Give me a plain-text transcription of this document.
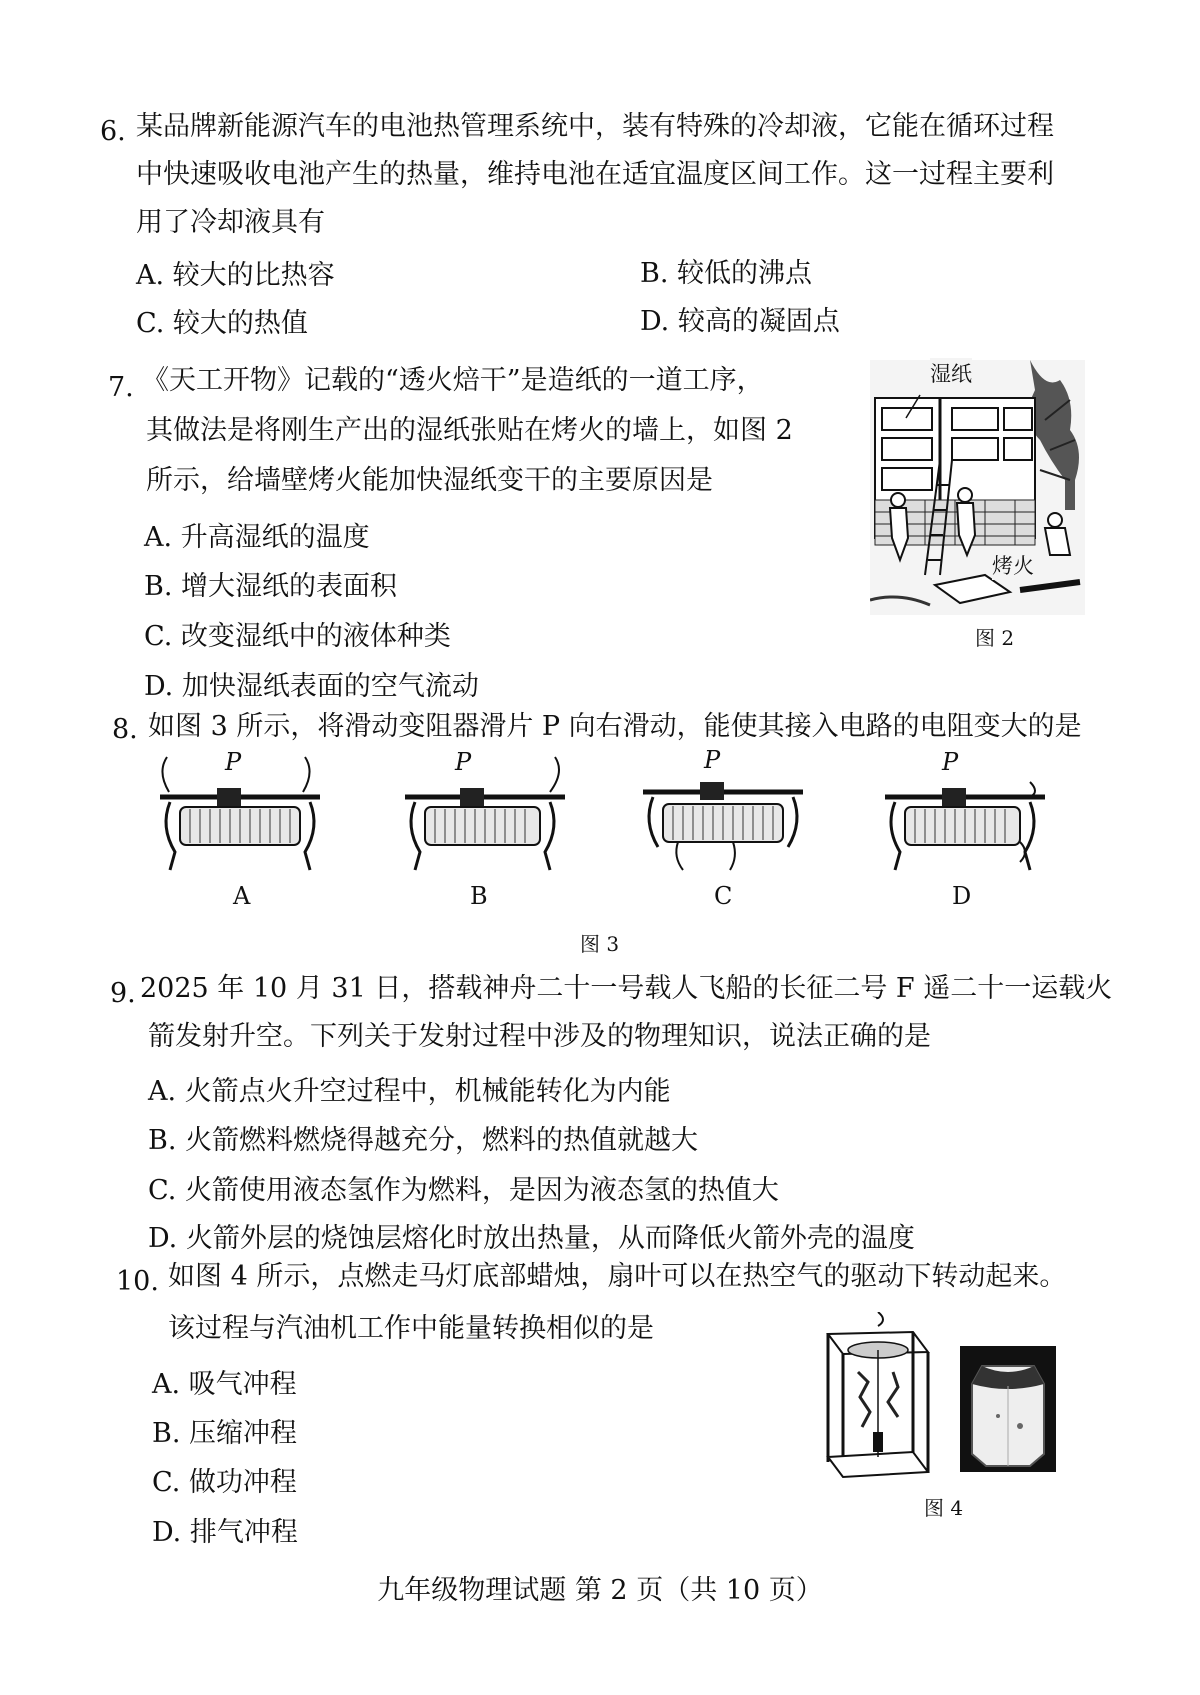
6. 某品牌新能源汽车的电池热管理系统中，装有特殊的冷却液，它能在循环过程
中快速吸收电池产生的热量，维持电池在适宜温度区间工作。这一过程主要利
用了冷却液具有
A. 较大的比热容	B. 较低的沸点
C. 较大的热值	D. 较高的凝固点
7. 《天工开物》记载的“透火焙干”是造纸的一道工序，
其做法是将刚生产出的湿纸张贴在烤火的墙上，如图 2
所示，给墙壁烤火能加快湿纸变干的主要原因是
A. 升高湿纸的温度
B. 增大湿纸的表面积
C. 改变湿纸中的液体种类
D. 加快湿纸表面的空气流动
湿纸
烤火
图 2
8. 如图 3 所示，将滑动变阻器滑片 P 向右滑动，能使其接入电路的电阻变大的是
A
P
B
P
C
P
D
P
图 3
9. 2025 年 10 月 31 日，搭载神舟二十一号载人飞船的长征二号 F 遥二十一运载火
箭发射升空。下列关于发射过程中涉及的物理知识，说法正确的是
A. 火箭点火升空过程中，机械能转化为内能
B. 火箭燃料燃烧得越充分，燃料的热值就越大
C. 火箭使用液态氢作为燃料，是因为液态氢的热值大
D. 火箭外层的烧蚀层熔化时放出热量，从而降低火箭外壳的温度
10. 如图 4 所示，点燃走马灯底部蜡烛，扇叶可以在热空气的驱动下转动起来。
该过程与汽油机工作中能量转换相似的是
A. 吸气冲程
B. 压缩冲程
C. 做功冲程
D. 排气冲程
图 4
九年级物理试题 第 2 页（共 10 页）
